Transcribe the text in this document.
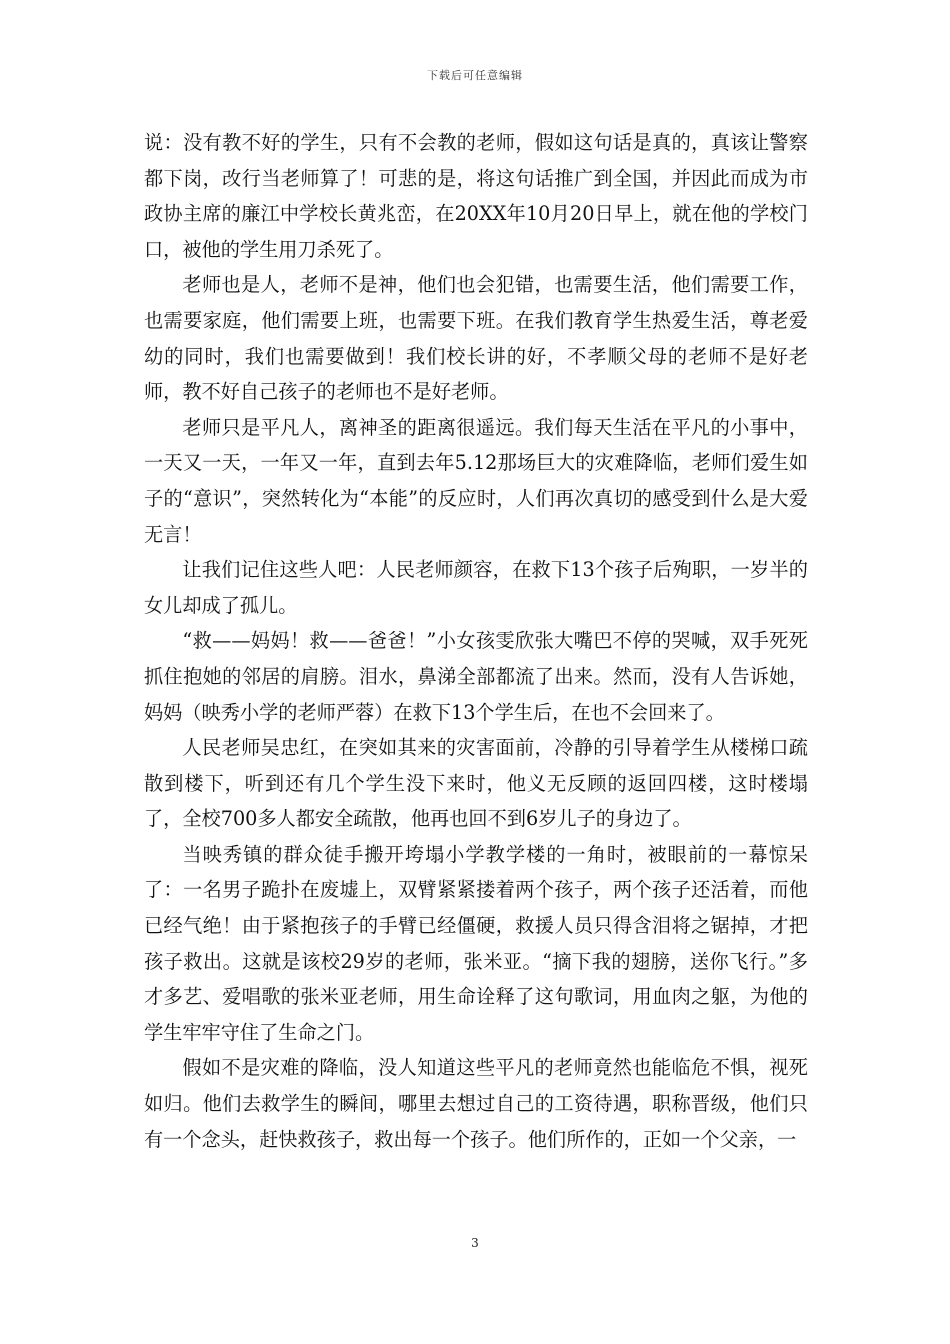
下载后可任意编辑

说：没有教不好的学生，只有不会教的老师，假如这句话是真的，真该让警察都下岗，改行当老师算了！可悲的是，将这句话推广到全国，并因此而成为市政协主席的廉江中学校长黄兆峦，在20XX年10月20日早上，就在他的学校门口，被他的学生用刀杀死了。

老师也是人，老师不是神，他们也会犯错，也需要生活，他们需要工作，也需要家庭，他们需要上班，也需要下班。在我们教育学生热爱生活，尊老爱幼的同时，我们也需要做到！我们校长讲的好，不孝顺父母的老师不是好老师，教不好自己孩子的老师也不是好老师。

老师只是平凡人，离神圣的距离很遥远。我们每天生活在平凡的小事中，一天又一天，一年又一年，直到去年5.12那场巨大的灾难降临，老师们爱生如子的“意识”，突然转化为“本能”的反应时，人们再次真切的感受到什么是大爱无言！

让我们记住这些人吧：人民老师颜容，在救下13个孩子后殉职，一岁半的女儿却成了孤儿。

“救——妈妈！救——爸爸！”小女孩雯欣张大嘴巴不停的哭喊，双手死死抓住抱她的邻居的肩膀。泪水，鼻涕全部都流了出来。然而，没有人告诉她，妈妈（映秀小学的老师严蓉）在救下13个学生后，在也不会回来了。

人民老师吴忠红，在突如其来的灾害面前，冷静的引导着学生从楼梯口疏散到楼下，听到还有几个学生没下来时，他义无反顾的返回四楼，这时楼塌了，全校700多人都安全疏散，他再也回不到6岁儿子的身边了。

当映秀镇的群众徒手搬开垮塌小学教学楼的一角时，被眼前的一幕惊呆了：一名男子跪扑在废墟上，双臂紧紧搂着两个孩子，两个孩子还活着，而他已经气绝！由于紧抱孩子的手臂已经僵硬，救援人员只得含泪将之锯掉，才把孩子救出。这就是该校29岁的老师，张米亚。“摘下我的翅膀，送你飞行。”多才多艺、爱唱歌的张米亚老师，用生命诠释了这句歌词，用血肉之躯，为他的学生牢牢守住了生命之门。

假如不是灾难的降临，没人知道这些平凡的老师竟然也能临危不惧，视死如归。他们去救学生的瞬间，哪里去想过自己的工资待遇，职称晋级，他们只有一个念头，赶快救孩子，救出每一个孩子。他们所作的，正如一个父亲，一

3
